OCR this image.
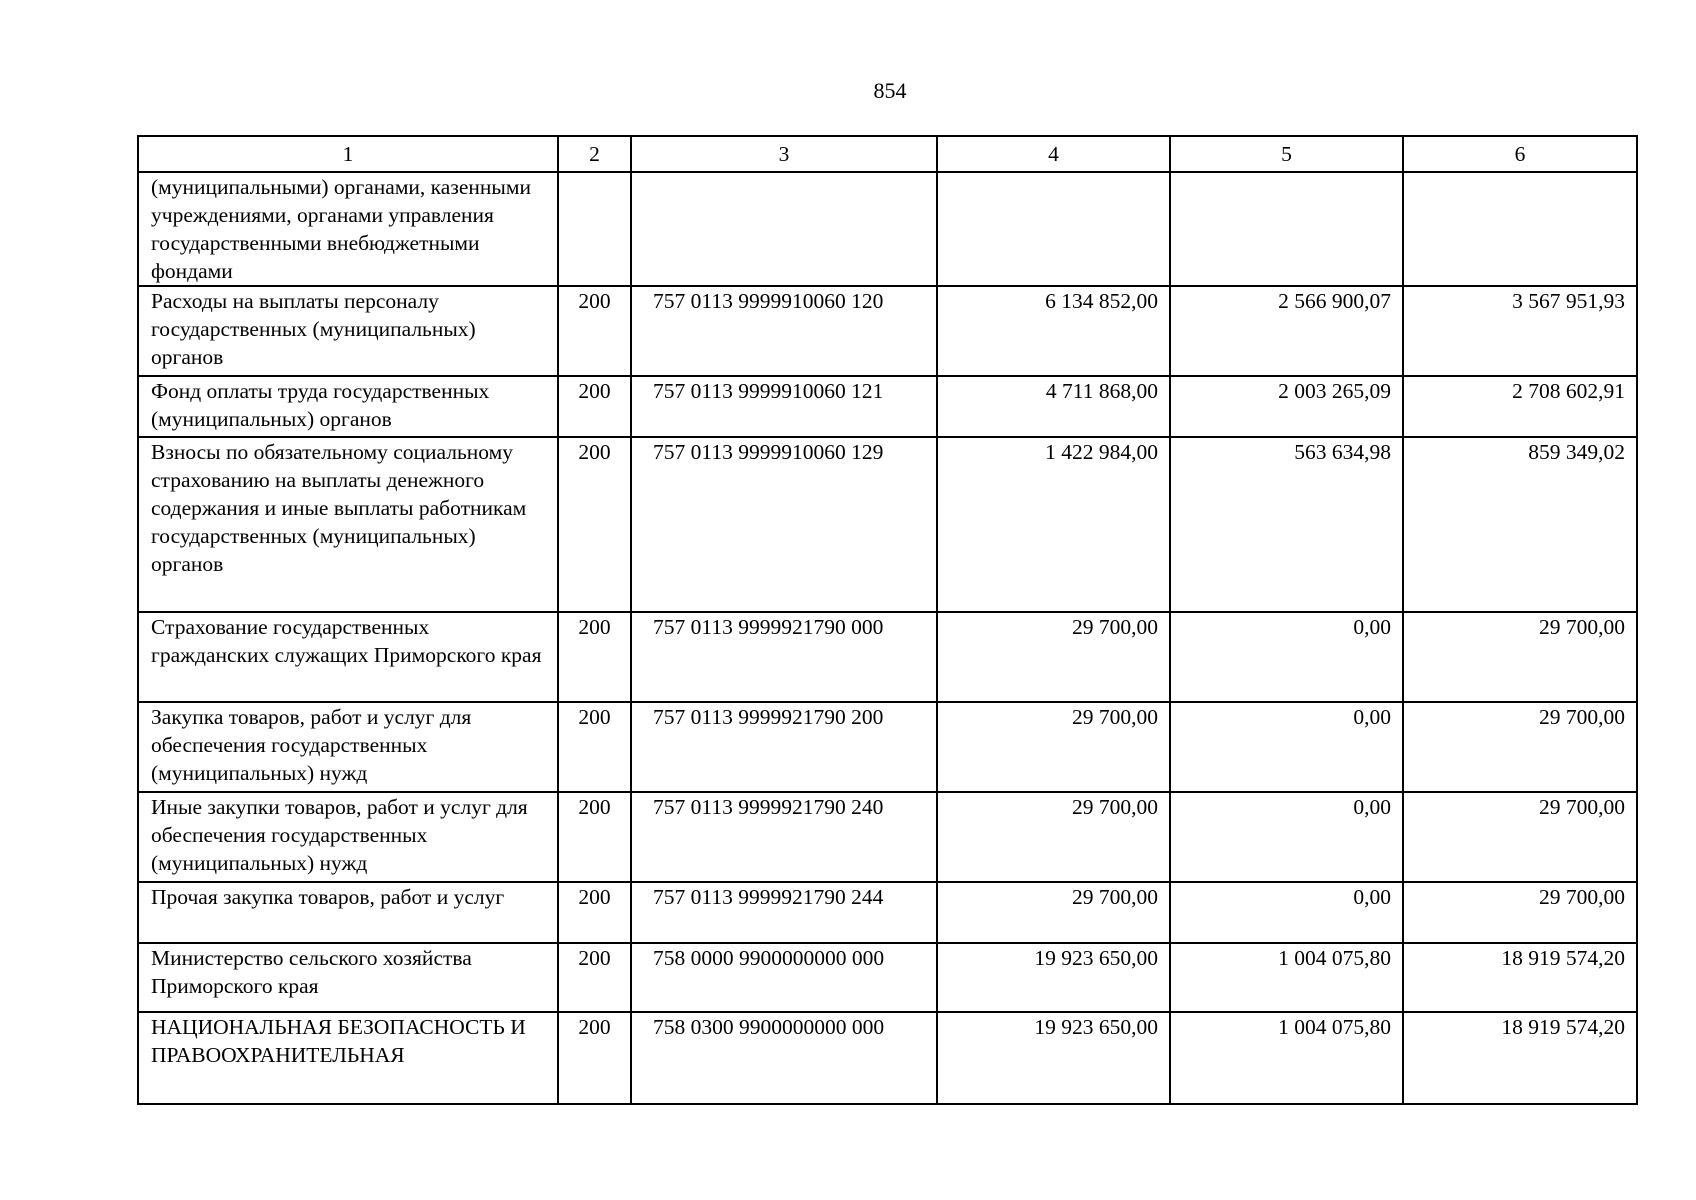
854
1	2	3	4	5	6
(муниципальными) органами, казенными учреждениями, органами управления государственными внебюджетными фондами					
Расходы на выплаты персоналу государственных (муниципальных) органов	200	757 0113 9999910060 120	6 134 852,00	2 566 900,07	3 567 951,93
Фонд оплаты труда государственных (муниципальных) органов	200	757 0113 9999910060 121	4 711 868,00	2 003 265,09	2 708 602,91
Взносы по обязательному социальному страхованию на выплаты денежного содержания и иные выплаты работникам государственных (муниципальных) органов	200	757 0113 9999910060 129	1 422 984,00	563 634,98	859 349,02
Страхование государственных гражданских служащих Приморского края	200	757 0113 9999921790 000	29 700,00	0,00	29 700,00
Закупка товаров, работ и услуг для обеспечения государственных (муниципальных) нужд	200	757 0113 9999921790 200	29 700,00	0,00	29 700,00
Иные закупки товаров, работ и услуг для обеспечения государственных (муниципальных) нужд	200	757 0113 9999921790 240	29 700,00	0,00	29 700,00
Прочая закупка товаров, работ и услуг	200	757 0113 9999921790 244	29 700,00	0,00	29 700,00
Министерство сельского хозяйства Приморского края	200	758 0000 9900000000 000	19 923 650,00	1 004 075,80	18 919 574,20
НАЦИОНАЛЬНАЯ БЕЗОПАСНОСТЬ И ПРАВООХРАНИТЕЛЬНАЯ	200	758 0300 9900000000 000	19 923 650,00	1 004 075,80	18 919 574,20
